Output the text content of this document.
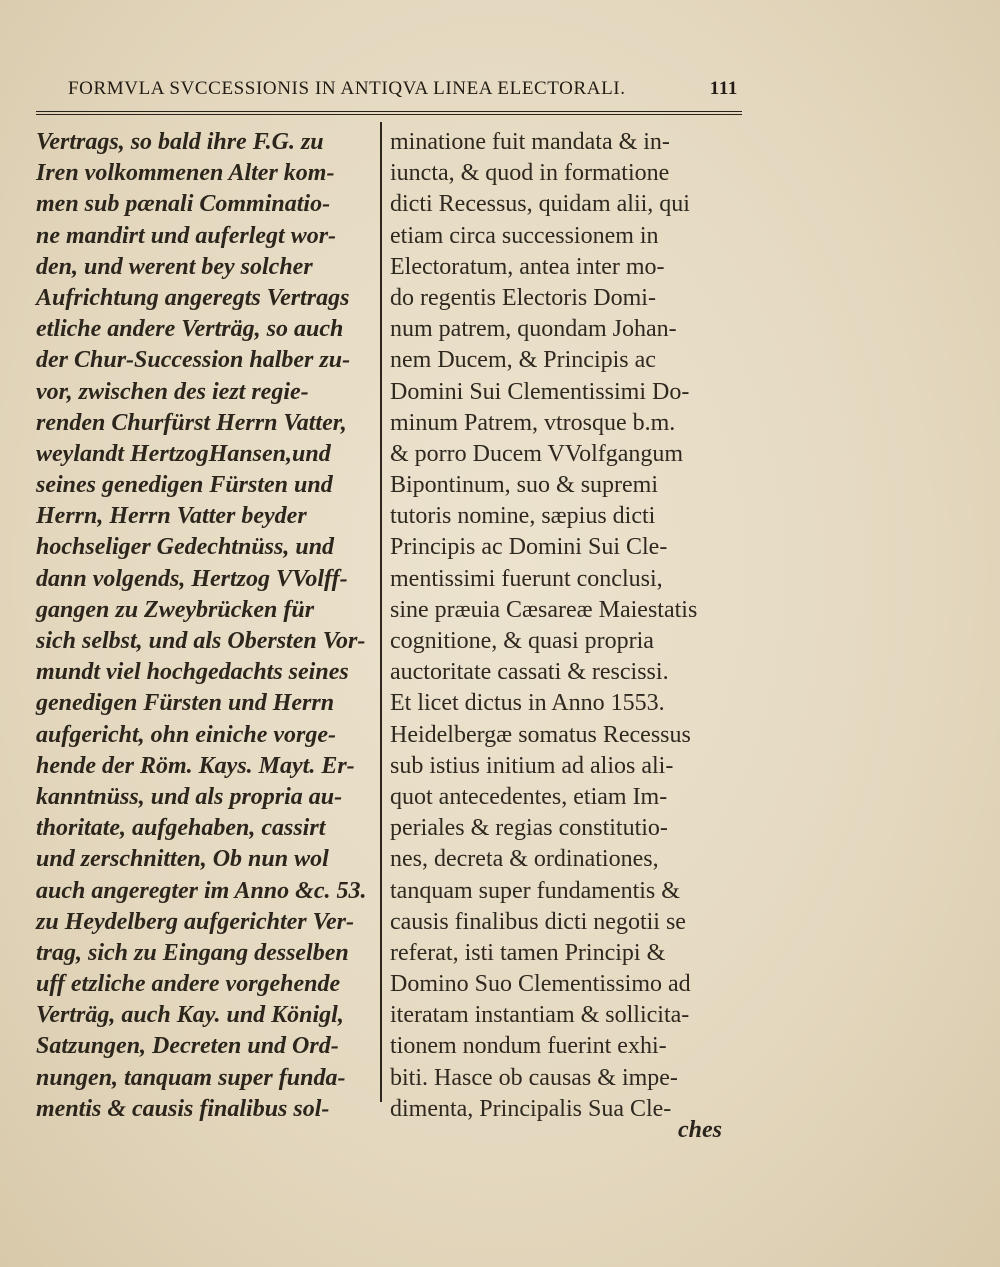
FORMVLA SVCCESSIONIS IN ANTIQVA LINEA ELECTORALI.	111
Vertrags, so bald ihre F.G. zu
Iren volkommenen Alter kom-
men sub pænali Comminatio-
ne mandirt und auferlegt wor-
den, und werent bey solcher
Aufrichtung angeregts Vertrags
etliche andere Verträg, so auch
der Chur-Succession halber zu-
vor, zwischen des iezt regie-
renden Churfürst Herrn Vatter,
weylandt HertzogHansen,und
seines genedigen Fürsten und
Herrn, Herrn Vatter beyder
hochseliger Gedechtnüss, und
dann volgends, Hertzog VVolff-
gangen zu Zweybrücken für
sich selbst, und als Obersten Vor-
mundt viel hochgedachts seines
genedigen Fürsten und Herrn
aufgericht, ohn einiche vorge-
hende der Röm. Kays. Mayt. Er-
kanntnüss, und als propria au-
thoritate, aufgehaben, cassirt
und zerschnitten, Ob nun wol
auch angeregter im Anno &c. 53.
zu Heydelberg aufgerichter Ver-
trag, sich zu Eingang desselben
uff etzliche andere vorgehende
Verträg, auch Kay. und Königl,
Satzungen, Decreten und Ord-
nungen, tanquam super funda-
mentis & causis finalibus sol-
minatione fuit mandata & in-
iuncta, & quod in formatione
dicti Recessus, quidam alii, qui
etiam circa successionem in
Electoratum, antea inter mo-
do regentis Electoris Domi-
num patrem, quondam Johan-
nem Ducem, & Principis ac
Domini Sui Clementissimi Do-
minum Patrem, vtrosque b.m.
& porro Ducem VVolfgangum
Bipontinum, suo & supremi
tutoris nomine, sæpius dicti
Principis ac Domini Sui Cle-
mentissimi fuerunt conclusi,
sine præuia Cæsareæ Maiestatis
cognitione, & quasi propria
auctoritate cassati & rescissi.
Et licet dictus in Anno 1553.
Heidelbergæ somatus Recessus
sub istius initium ad alios ali-
quot antecedentes, etiam Im-
periales & regias constitutio-
nes, decreta & ordinationes,
tanquam super fundamentis &
causis finalibus dicti negotii se
referat, isti tamen Principi &
Domino Suo Clementissimo ad
iteratam instantiam & sollicita-
tionem nondum fuerint exhi-
biti. Hasce ob causas & impe-
dimenta, Principalis Sua Cle-
ches
